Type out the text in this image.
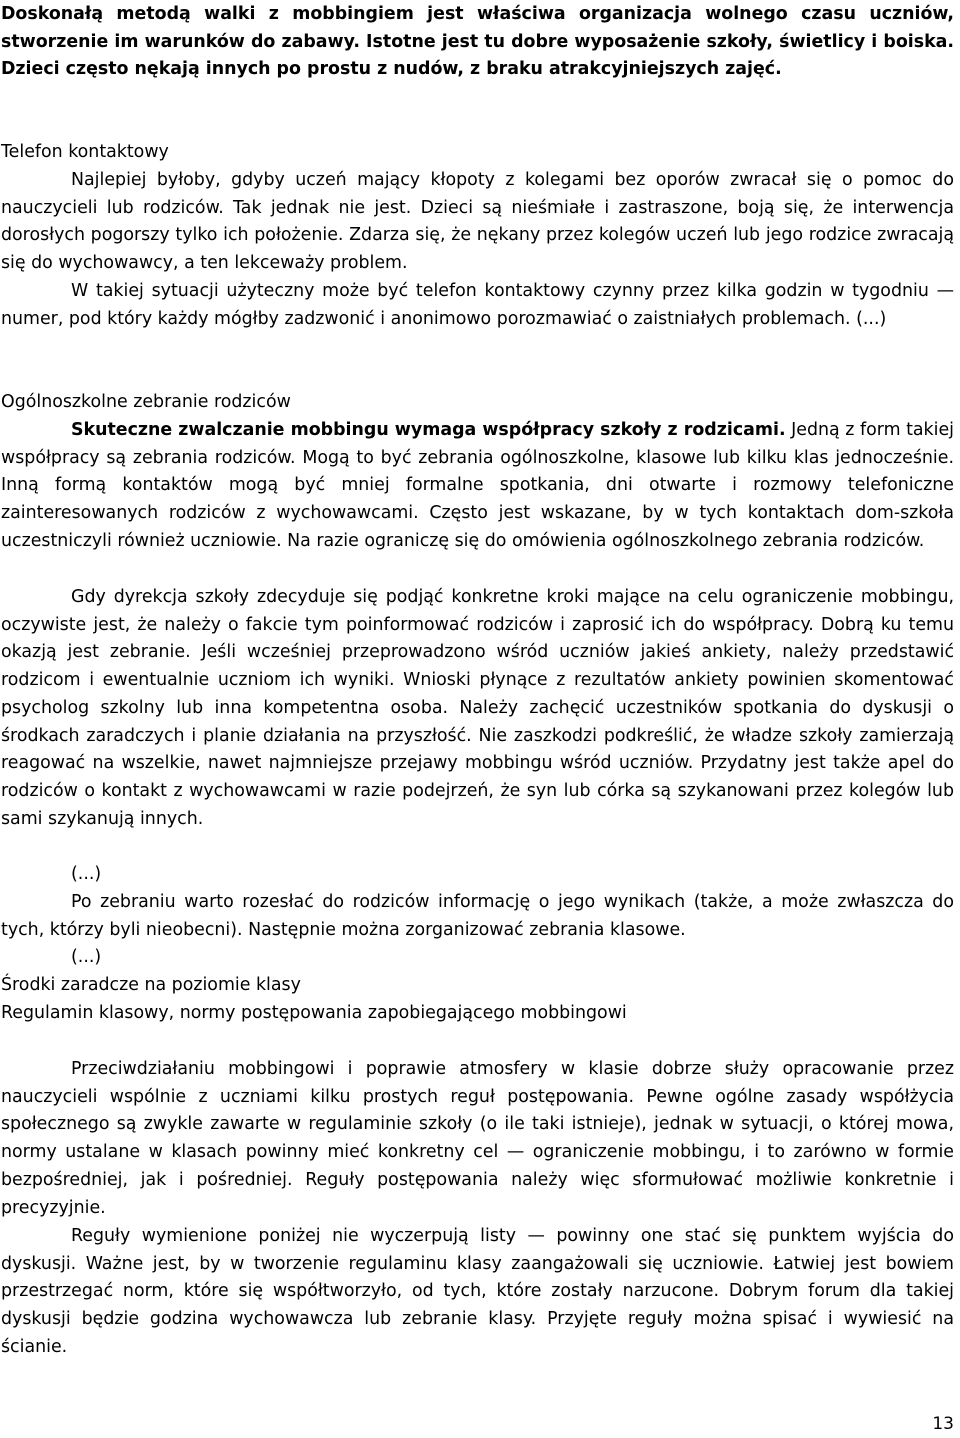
Doskonałą metodą walki z mobbingiem jest właściwa organizacja wolnego czasu uczniów, stworzenie im warunków do zabawy. Istotne jest tu dobre wyposażenie szkoły, świetlicy i boiska. Dzieci często nękają innych po prostu z nudów, z braku atrakcyjniejszych zajęć.

Telefon kontaktowy

Najlepiej byłoby, gdyby uczeń mający kłopoty z kolegami bez oporów zwracał się o pomoc do nauczycieli lub rodziców. Tak jednak nie jest. Dzieci są nieśmiałe i zastraszone, boją się, że interwencja dorosłych pogorszy tylko ich położenie. Zdarza się, że nękany przez kolegów uczeń lub jego rodzice zwracają się do wychowawcy, a ten lekceważy problem.

W takiej sytuacji użyteczny może być telefon kontaktowy czynny przez kilka godzin w tygodniu — numer, pod który każdy mógłby zadzwonić i anonimowo porozmawiać o zaistniałych problemach. (...)

Ogólnoszkolne zebranie rodziców

Skuteczne zwalczanie mobbingu wymaga współpracy szkoły z rodzicami. Jedną z form takiej współpracy są zebrania rodziców. Mogą to być zebrania ogólnoszkolne, klasowe lub kilku klas jednocześnie. Inną formą kontaktów mogą być mniej formalne spotkania, dni otwarte i rozmowy telefoniczne zainteresowanych rodziców z wychowawcami. Często jest wskazane, by w tych kontaktach dom-szkoła uczestniczyli również uczniowie. Na razie ograniczę się do omówienia ogólnoszkolnego zebrania rodziców.

Gdy dyrekcja szkoły zdecyduje się podjąć konkretne kroki mające na celu ograniczenie mobbingu, oczywiste jest, że należy o fakcie tym poinformować rodziców i zaprosić ich do współpracy. Dobrą ku temu okazją jest zebranie. Jeśli wcześniej przeprowadzono wśród uczniów jakieś ankiety, należy przedstawić rodzicom i ewentualnie uczniom ich wyniki. Wnioski płynące z rezultatów ankiety powinien skomentować psycholog szkolny lub inna kompetentna osoba. Należy zachęcić uczestników spotkania do dyskusji o środkach zaradczych i planie działania na przyszłość. Nie zaszkodzi podkreślić, że władze szkoły zamierzają reagować na wszelkie, nawet najmniejsze przejawy mobbingu wśród uczniów. Przydatny jest także apel do rodziców o kontakt z wychowawcami w razie podejrzeń, że syn lub córka są szykanowani przez kolegów lub sami szykanują innych.

(...)

Po zebraniu warto rozesłać do rodziców informację o jego wynikach (także, a może zwłaszcza do tych, którzy byli nieobecni). Następnie można zorganizować zebrania klasowe.

(...)

Środki zaradcze na poziomie klasy

Regulamin klasowy, normy postępowania zapobiegającego mobbingowi

Przeciwdziałaniu mobbingowi i poprawie atmosfery w klasie dobrze służy opracowanie przez nauczycieli wspólnie z uczniami kilku prostych reguł postępowania. Pewne ogólne zasady współżycia społecznego są zwykle zawarte w regulaminie szkoły (o ile taki istnieje), jednak w sytuacji, o której mowa, normy ustalane w klasach powinny mieć konkretny cel — ograniczenie mobbingu, i to zarówno w formie bezpośredniej, jak i pośredniej. Reguły postępowania należy więc sformułować możliwie konkretnie i precyzyjnie.

Reguły wymienione poniżej nie wyczerpują listy — powinny one stać się punktem wyjścia do dyskusji. Ważne jest, by w tworzenie regulaminu klasy zaangażowali się uczniowie. Łatwiej jest bowiem przestrzegać norm, które się współtworzyło, od tych, które zostały narzucone. Dobrym forum dla takiej dyskusji będzie godzina wychowawcza lub zebranie klasy. Przyjęte reguły można spisać i wywiesić na ścianie.

13
